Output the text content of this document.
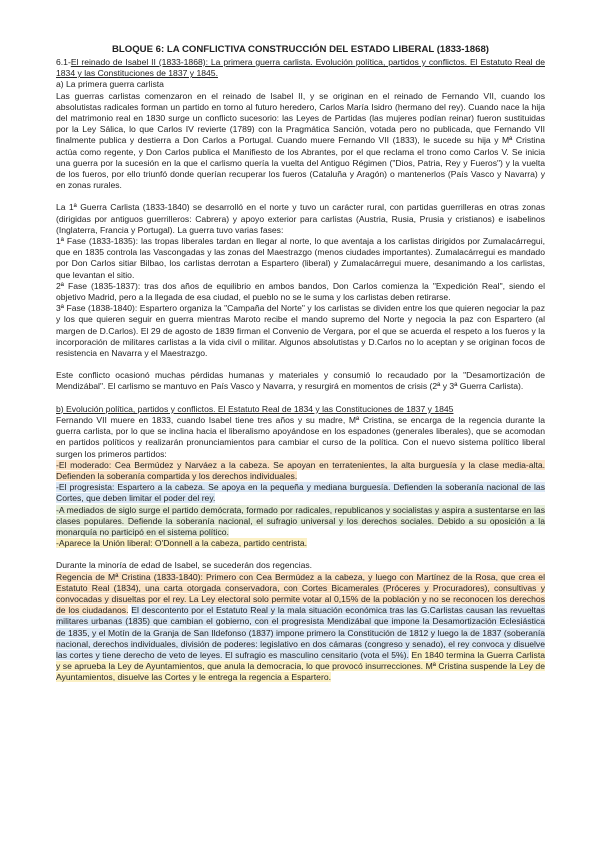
BLOQUE 6: LA CONFLICTIVA CONSTRUCCIÓN DEL ESTADO LIBERAL (1833-1868)

6.1-El reinado de Isabel II (1833-1868): La primera guerra carlista. Evolución política, partidos y conflictos. El Estatuto Real de 1834 y las Constituciones de 1837 y 1845.

a) La primera guerra carlista

Las guerras carlistas comenzaron en el reinado de Isabel II, y se originan en el reinado de Fernando VII, cuando los absolutistas radicales forman un partido en torno al futuro heredero, Carlos María Isidro (hermano del rey). Cuando nace la hija del matrimonio real en 1830 surge un conflicto sucesorio: las Leyes de Partidas (las mujeres podían reinar) fueron sustituidas por la Ley Sálica, lo que Carlos IV revierte (1789) con la Pragmática Sanción, votada pero no publicada, que Fernando VII finalmente publica y destierra a Don Carlos a Portugal. Cuando muere Fernando VII (1833), le sucede su hija y Mª Cristina actúa como regente, y Don Carlos publica el Manifiesto de los Abrantes, por el que reclama el trono como Carlos V. Se inicia una guerra por la sucesión en la que el carlismo quería la vuelta del Antiguo Régimen ("Dios, Patria, Rey y Fueros") y la vuelta de los fueros, por ello triunfó donde querían recuperar los fueros (Cataluña y Aragón) o mantenerlos (País Vasco y Navarra) y en zonas rurales.

La 1ª Guerra Carlista (1833-1840) se desarrolló en el norte y tuvo un carácter rural, con partidas guerrilleras en otras zonas (dirigidas por antiguos guerrilleros: Cabrera) y apoyo exterior para carlistas (Austria, Rusia, Prusia y cristianos) e isabelinos (Inglaterra, Francia y Portugal). La guerra tuvo varias fases:

1ª Fase (1833-1835): las tropas liberales tardan en llegar al norte, lo que aventaja a los carlistas dirigidos por Zumalacárregui, que en 1835 controla las Vascongadas y las zonas del Maestrazgo (menos ciudades importantes). Zumalacárregui es mandado por Don Carlos sitiar Bilbao, los carlistas derrotan a Espartero (liberal) y Zumalacárregui muere, desanimando a los carlistas, que levantan el sitio.

2ª Fase (1835-1837): tras dos años de equilibrio en ambos bandos, Don Carlos comienza la "Expedición Real", siendo el objetivo Madrid, pero a la llegada de esa ciudad, el pueblo no se le suma y los carlistas deben retirarse.

3ª Fase (1838-1840): Espartero organiza la "Campaña del Norte" y los carlistas se dividen entre los que quieren negociar la paz y los que quieren seguir en guerra mientras Maroto recibe el mando supremo del Norte y negocia la paz con Espartero (al margen de D.Carlos). El 29 de agosto de 1839 firman el Convenio de Vergara, por el que se acuerda el respeto a los fueros y la incorporación de militares carlistas a la vida civil o militar. Algunos absolutistas y D.Carlos no lo aceptan y se originan focos de resistencia en Navarra y el Maestrazgo.

Este conflicto ocasionó muchas pérdidas humanas y materiales y consumió lo recaudado por la "Desamortización de Mendizábal". El carlismo se mantuvo en País Vasco y Navarra, y resurgirá en momentos de crisis (2ª y 3ª Guerra Carlista).

b) Evolución política, partidos y conflictos. El Estatuto Real de 1834 y las Constituciones de 1837 y 1845

Fernando VII muere en 1833, cuando Isabel tiene tres años y su madre, Mª Cristina, se encarga de la regencia durante la guerra carlista, por lo que se inclina hacia el liberalismo apoyándose en los espadones (generales liberales), que se acomodan en partidos políticos y realizarán pronunciamientos para cambiar el curso de la política. Con el nuevo sistema político liberal surgen los primeros partidos:

-El moderado: Cea Bermúdez y Narváez a la cabeza. Se apoyan en terratenientes, la alta burguesía y la clase media-alta. Defienden la soberanía compartida y los derechos individuales.

-El progresista: Espartero a la cabeza. Se apoya en la pequeña y mediana burguesía. Defienden la soberanía nacional de las Cortes, que deben limitar el poder del rey.

-A mediados de siglo surge el partido demócrata, formado por radicales, republicanos y socialistas y aspira a sustentarse en las clases populares. Defiende la soberanía nacional, el sufragio universal y los derechos sociales. Debido a su oposición a la monarquía no participó en el sistema político.

-Aparece la Unión liberal: O'Donnell a la cabeza, partido centrista.

Durante la minoría de edad de Isabel, se sucederán dos regencias.

Regencia de Mª Cristina (1833-1840): Primero con Cea Bermúdez a la cabeza, y luego con Martínez de la Rosa, que crea el Estatuto Real (1834), una carta otorgada conservadora, con Cortes Bicamerales (Próceres y Procuradores), consultivas y convocadas y disueltas por el rey. La Ley electoral solo permite votar al 0,15% de la población y no se reconocen los derechos de los ciudadanos. El descontento por el Estatuto Real y la mala situación económica tras las G.Carlistas causan las revueltas militares urbanas (1835) que cambian el gobierno, con el progresista Mendizábal que impone la Desamortización Eclesiástica de 1835, y el Motín de la Granja de San Ildefonso (1837) impone primero la Constitución de 1812 y luego la de 1837 (soberanía nacional, derechos individuales, división de poderes: legislativo en dos cámaras (congreso y senado), el rey convoca y disuelve las cortes y tiene derecho de veto de leyes. El sufragio es masculino censitario (vota el 5%). En 1840 termina la Guerra Carlista y se aprueba la Ley de Ayuntamientos, que anula la democracia, lo que provocó insurrecciones. Mª Cristina suspende la Ley de Ayuntamientos, disuelve las Cortes y le entrega la regencia a Espartero.
